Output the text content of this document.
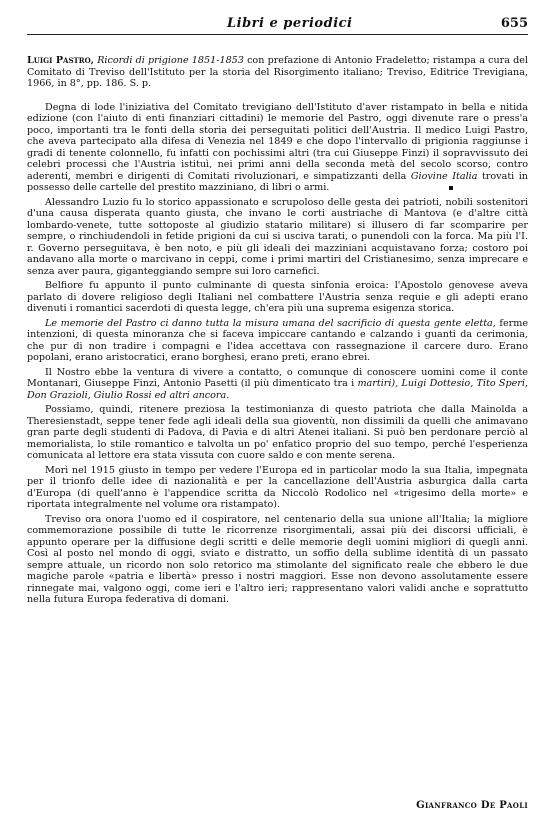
Libri e periodici	655
Luigi Pastro, Ricordi di prigione 1851-1853 con prefazione di Antonio Fradeletto; ristampa a cura del Comitato di Treviso dell'Istituto per la storia del Risorgimento italiano; Treviso, Editrice Trevigiana, 1966, in 8°, pp. 186. S. p.

Degna di lode l'iniziativa del Comitato trevigiano dell'Istituto d'aver ristampato in bella e nitida edizione (con l'aiuto di enti finanziari cittadini) le memorie del Pastro, oggi divenute rare o press'a poco, importanti tra le fonti della storia dei perseguitati politici dell'Austria. Il medico Luigi Pastro, che aveva partecipato alla difesa di Venezia nel 1849 e che dopo l'intervallo di prigionia raggiunse i gradi di tenente colonnello, fu infatti con pochissimi altri (tra cui Giuseppe Finzi) il sopravvissuto dei celebri processi che l'Austria istituì, nei primi anni della seconda metà del secolo scorso, contro aderenti, membri e dirigenti di Comitati rivoluzionari, e simpatizzanti della Giovine Italia trovati in possesso delle cartelle del prestito mazziniano, di libri o armi.

Alessandro Luzio fu lo storico appassionato e scrupoloso delle gesta dei patrioti, nobili sostenitori d'una causa disperata quanto giusta, che invano le corti austriache di Mantova (e d'altre città lombardo-venete, tutte sottoposte al giudizio statario militare) si illusero di far scomparire per sempre, o rinchiudendoli in fetide prigioni da cui si usciva tarati, o punendoli con la forca. Ma più l'I. r. Governo perseguitava, è ben noto, e più gli ideali dei mazziniani acquistavano forza; costoro poi andavano alla morte o marcivano in ceppi, come i primi martiri del Cristianesimo, senza imprecare e senza aver paura, giganteggiando sempre sui loro carnefici.

Belfiore fu appunto il punto culminante di questa sinfonia eroica: l'Apostolo genovese aveva parlato di dovere religioso degli Italiani nel combattere l'Austria senza requie e gli adepti erano divenuti i romantici sacerdoti di questa legge, ch'era più una suprema esigenza storica.

Le memorie del Pastro ci danno tutta la misura umana del sacrificio di questa gente eletta, ferme intenzioni, di questa minoranza che si faceva impiccare cantando e calzando i guanti da cerimonia, che pur di non tradire i compagni e l'idea accettava con rassegnazione il carcere duro. Erano popolani, erano aristocratici, erano borghesi, erano preti, erano ebrei.

Il Nostro ebbe la ventura di vivere a contatto, o comunque di conoscere uomini come il conte Montanari, Giuseppe Finzi, Antonio Pasetti (il più dimenticato tra i martiri), Luigi Dottesio, Tito Speri, Don Grazioli, Giulio Rossi ed altri ancora.

Possiamo, quindi, ritenere preziosa la testimonianza di questo patriota che dalla Mainolda a Theresienstadt, seppe tener fede agli ideali della sua gioventù, non dissimili da quelli che animavano gran parte degli studenti di Padova, di Pavia e di altri Atenei italiani. Si può ben perdonare perciò al memorialista, lo stile romantico e talvolta un po' enfatico proprio del suo tempo, perché l'esperienza comunicata al lettore era stata vissuta con cuore saldo e con mente serena.

Morì nel 1915 giusto in tempo per vedere l'Europa ed in particolar modo la sua Italia, impegnata per il trionfo delle idee di nazionalità e per la cancellazione dell'Austria asburgica dalla carta d'Europa (di quell'anno è l'appendice scritta da Niccolò Rodolico nel «trigesimo della morte» e riportata integralmente nel volume ora ristampato).

Treviso ora onora l'uomo ed il cospiratore, nel centenario della sua unione all'Italia; la migliore commemorazione possibile di tutte le ricorrenze risorgimentali, assai più dei discorsi ufficiali, è appunto operare per la diffusione degli scritti e delle memorie degli uomini migliori di quegli anni. Così al posto nel mondo di oggi, sviato e distratto, un soffio della sublime identità di un passato sempre attuale, un ricordo non solo retorico ma stimolante del significato reale che ebbero le due magiche parole «patria e libertà» presso i nostri maggiori. Esse non devono assolutamente essere rinnegate mai, valgono oggi, come ieri e l'altro ieri; rappresentano valori validi anche e soprattutto nella futura Europa federativa di domani.

Gianfranco De Paoli
